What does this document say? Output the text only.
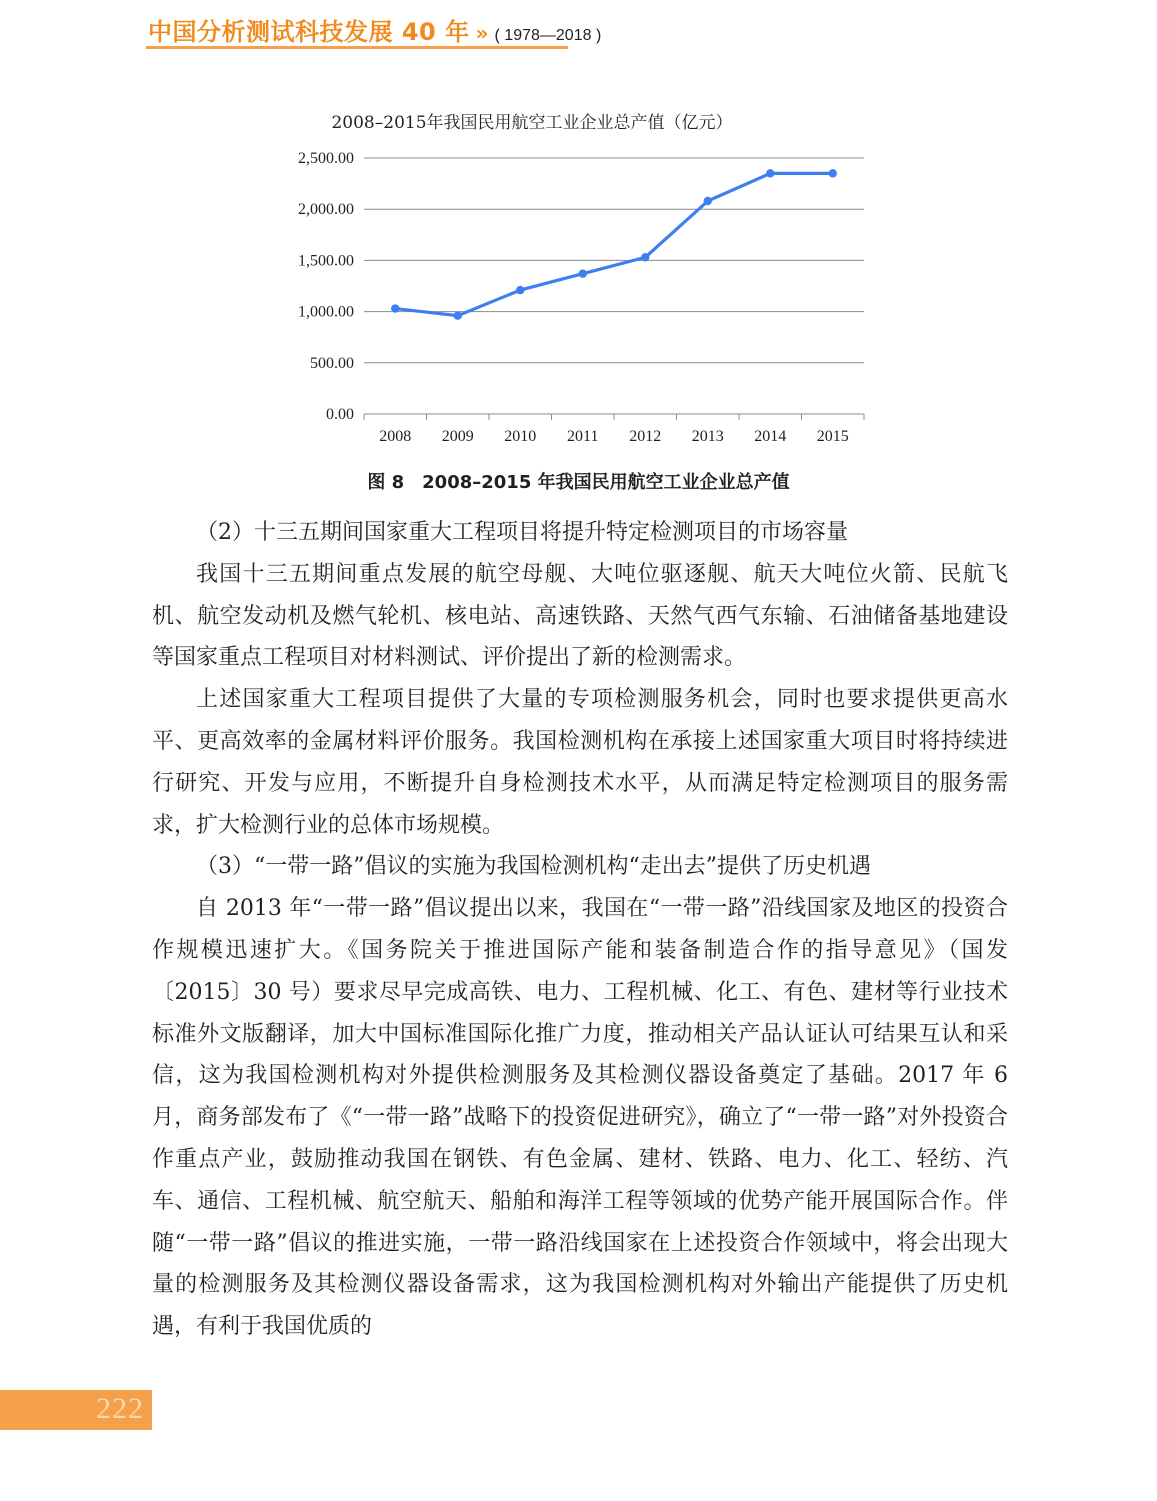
中国分析测试科技发展 40 年 » ( 1978—2018 )
2008–2015年我国民用航空工业企业总产值（亿元）
0.00
500.00
1,000.00
1,500.00
2,000.00
2,500.00
2008 2009 2010 2011 2012 2013 2014 2015
图 8 2008–2015 年我国民用航空工业企业总产值

（2）十三五期间国家重大工程项目将提升特定检测项目的市场容量

我国十三五期间重点发展的航空母舰、大吨位驱逐舰、航天大吨位火箭、民航飞机、航空发动机及燃气轮机、核电站、高速铁路、天然气西气东输、石油储备基地建设等国家重点工程项目对材料测试、评价提出了新的检测需求。

上述国家重大工程项目提供了大量的专项检测服务机会，同时也要求提供更高水平、更高效率的金属材料评价服务。我国检测机构在承接上述国家重大项目时将持续进行研究、开发与应用，不断提升自身检测技术水平，从而满足特定检测项目的服务需求，扩大检测行业的总体市场规模。

（3）“一带一路”倡议的实施为我国检测机构“走出去”提供了历史机遇

自 2013 年“一带一路”倡议提出以来，我国在“一带一路”沿线国家及地区的投资合作规模迅速扩大。《国务院关于推进国际产能和装备制造合作的指导意见》（国发〔2015〕30 号）要求尽早完成高铁、电力、工程机械、化工、有色、建材等行业技术标准外文版翻译，加大中国标准国际化推广力度，推动相关产品认证认可结果互认和采信，这为我国检测机构对外提供检测服务及其检测仪器设备奠定了基础。2017 年 6 月，商务部发布了《“一带一路”战略下的投资促进研究》，确立了“一带一路”对外投资合作重点产业，鼓励推动我国在钢铁、有色金属、建材、铁路、电力、化工、轻纺、汽车、通信、工程机械、航空航天、船舶和海洋工程等领域的优势产能开展国际合作。伴随“一带一路”倡议的推进实施，一带一路沿线国家在上述投资合作领域中，将会出现大量的检测服务及其检测仪器设备需求，这为我国检测机构对外输出产能提供了历史机遇，有利于我国优质的

222
